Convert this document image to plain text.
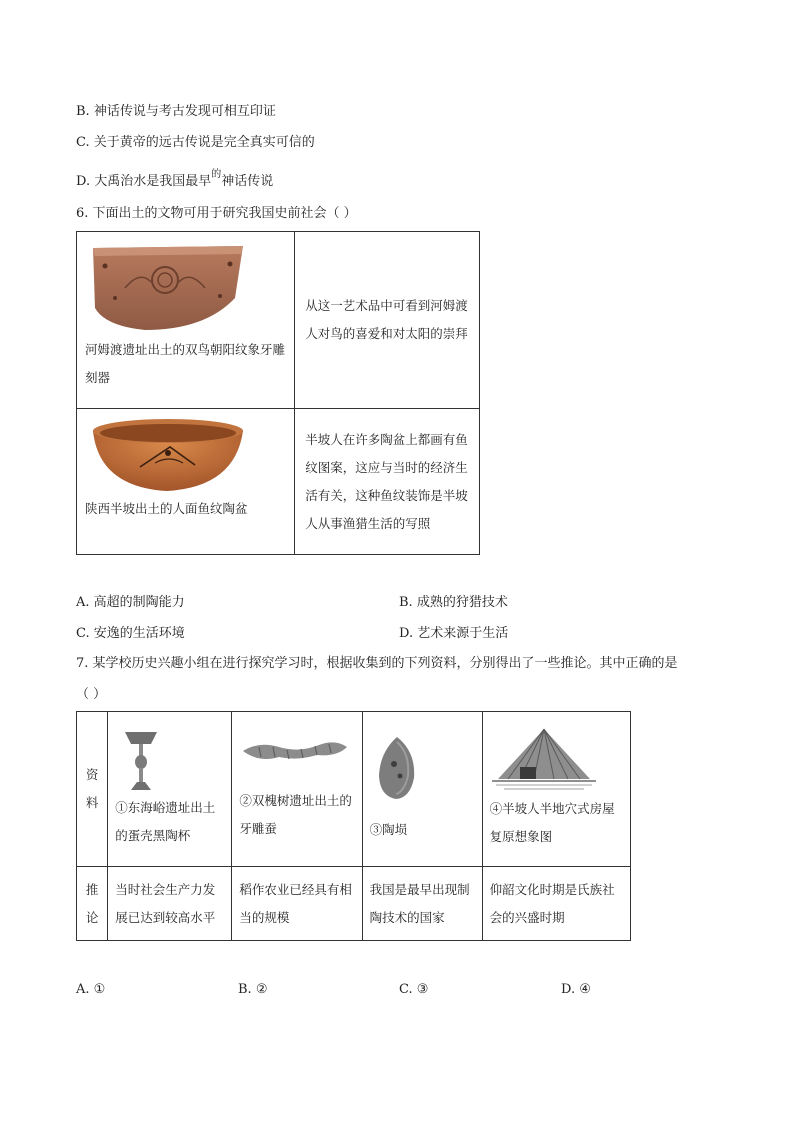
B. 神话传说与考古发现可相互印证
C. 关于黄帝的远古传说是完全真实可信的
D. 大禹治水是我国最早$^的$神话传说
6. 下面出土的文物可用于研究我国史前社会（ ）
河姆渡遗址出土的双鸟朝阳纹象牙雕刻器	从这一艺术品中可看到河姆渡人对鸟的喜爱和对太阳的崇拜

陕西半坡出土的人面鱼纹陶盆	半坡人在许多陶盆上都画有鱼纹图案，这应与当时的经济生活有关，这种鱼纹装饰是半坡人从事渔猎生活的写照
A. 高超的制陶能力	B. 成熟的狩猎技术
C. 安逸的生活环境	D. 艺术来源于生活
7. 某学校历史兴趣小组在进行探究学习时，根据收集到的下列资料，分别得出了一些推论。其中正确的是
（ ）
资料	①东海峪遗址出土的蛋壳黑陶杯	②双槐树遗址出土的牙雕蚕	③陶埙	④半坡人半地穴式房屋复原想象图

推论	当时社会生产力发展已达到较高水平	稻作农业已经具有相当的规模	我国是最早出现制陶技术的国家	仰韶文化时期是氏族社会的兴盛时期
A. ①	B. ②	C. ③	D. ④
